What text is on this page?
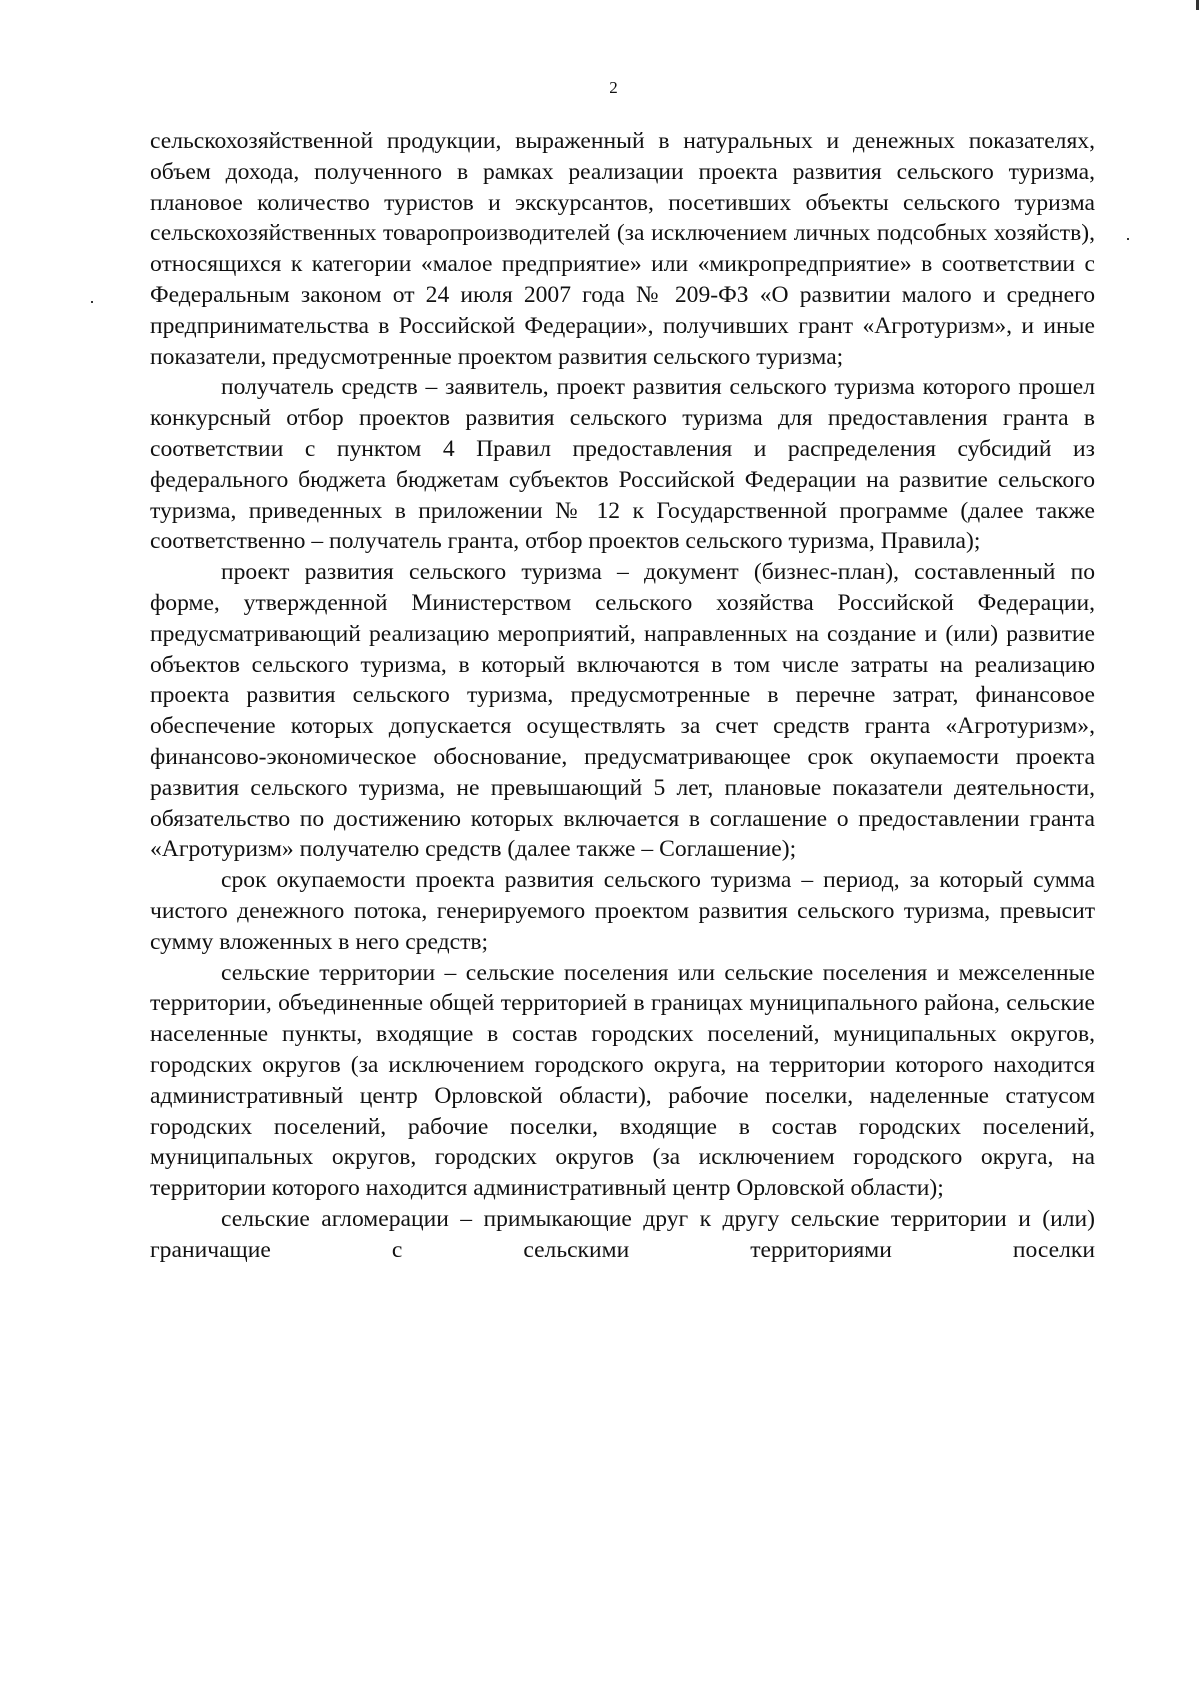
2

сельскохозяйственной продукции, выраженный в натуральных и денежных показателях, объем дохода, полученного в рамках реализации проекта развития сельского туризма, плановое количество туристов и экскурсантов, посетивших объекты сельского туризма сельскохозяйственных товаропроизводителей (за исключением личных подсобных хозяйств), относящихся к категории «малое предприятие» или «микропредприятие» в соответствии с Федеральным законом от 24 июля 2007 года № 209-ФЗ «О развитии малого и среднего предпринимательства в Российской Федерации», получивших грант «Агротуризм», и иные показатели, предусмотренные проектом развития сельского туризма;

получатель средств – заявитель, проект развития сельского туризма которого прошел конкурсный отбор проектов развития сельского туризма для предоставления гранта в соответствии с пунктом 4 Правил предоставления и распределения субсидий из федерального бюджета бюджетам субъектов Российской Федерации на развитие сельского туризма, приведенных в приложении № 12 к Государственной программе (далее также соответственно – получатель гранта, отбор проектов сельского туризма, Правила);

проект развития сельского туризма – документ (бизнес-план), составленный по форме, утвержденной Министерством сельского хозяйства Российской Федерации, предусматривающий реализацию мероприятий, направленных на создание и (или) развитие объектов сельского туризма, в который включаются в том числе затраты на реализацию проекта развития сельского туризма, предусмотренные в перечне затрат, финансовое обеспечение которых допускается осуществлять за счет средств гранта «Агротуризм», финансово-экономическое обоснование, предусматривающее срок окупаемости проекта развития сельского туризма, не превышающий 5 лет, плановые показатели деятельности, обязательство по достижению которых включается в соглашение о предоставлении гранта «Агротуризм» получателю средств (далее также – Соглашение);

срок окупаемости проекта развития сельского туризма – период, за который сумма чистого денежного потока, генерируемого проектом развития сельского туризма, превысит сумму вложенных в него средств;

сельские территории – сельские поселения или сельские поселения и межселенные территории, объединенные общей территорией в границах муниципального района, сельские населенные пункты, входящие в состав городских поселений, муниципальных округов, городских округов (за исключением городского округа, на территории которого находится административный центр Орловской области), рабочие поселки, наделенные статусом городских поселений, рабочие поселки, входящие в состав городских поселений, муниципальных округов, городских округов (за исключением городского округа, на территории которого находится административный центр Орловской области);

сельские агломерации – примыкающие друг к другу сельские территории и (или) граничащие с сельскими территориями поселки
